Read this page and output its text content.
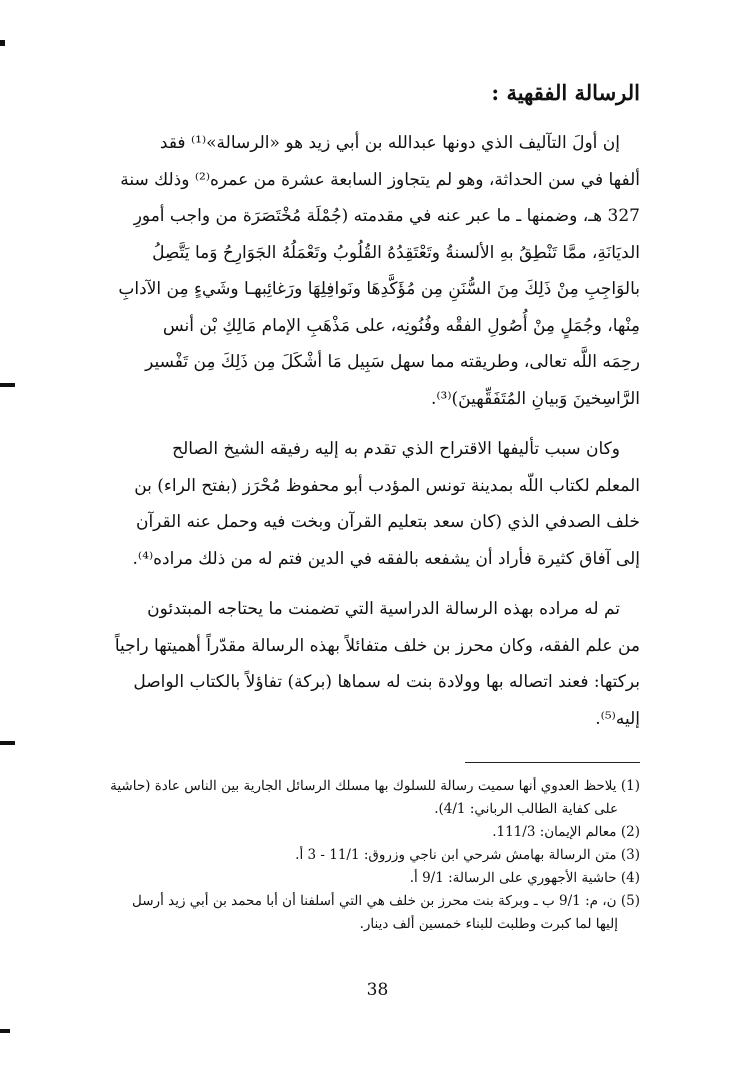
الرسالة الفقهية :

إن أولَ التآليف الذي دونها عبدالله بن أبي زيد هو «الرسالة»⁽¹⁾ فقد
ألفها في سن الحداثة، وهو لم يتجاوز السابعة عشرة من عمره⁽²⁾ وذلك سنة
327 هـ، وضمنها ـ ما عبر عنه في مقدمته (جُمْلَة مُخْتَصَرَة من واجب أمورِ
الديَانَةِ، ممَّا تَنْطِقُ بهِ الألسنةُ وتَعْتَقِدُهُ القُلُوبُ وتَعْمَلُهُ الجَوَارِحُ وَما يَتَّصِلُ
بالوَاجِبِ مِنْ ذَلِكَ مِنَ السُّنَنِ مِن مُؤَكَّدِهَا ونَوافِلِهَا ورَغائِبهـا وشَيءٍ مِن الآدابِ
مِنْها، وجُمَلٍ مِنْ أُصُولِ الفقْه وفُنُونِه، على مَذْهَبِ الإمام مَالِكِ بْن أنس
رحِمَه اللَّه تعالى، وطريقته مما سهل سَبِيل مَا أشْكَلَ مِن ذَلِكَ مِن تَفْسير
الرَّاسِخينَ وَبيانِ المُتَفَقِّهينَ)⁽³⁾.

وكان سبب تأليفها الاقتراح الذي تقدم به إليه رفيقه الشيخ الصالح
المعلم لكتاب اللّه بمدينة تونس المؤدب أبو محفوظ مُحْرَز (بفتح الراء) بن
خلف الصدفي الذي (كان سعد بتعليم القرآن وبخت فيه وحمل عنه القرآن
إلى آفاق كثيرة فأراد أن يشفعه بالفقه في الدين فتم له من ذلك مراده⁽⁴⁾.

تم له مراده بهذه الرسالة الدراسية التي تضمنت ما يحتاجه المبتدئون
من علم الفقه، وكان محرز بن خلف متفائلاً بهذه الرسالة مقدّراً أهميتها راجياً
بركتها: فعند اتصاله بها وولادة بنت له سماها (بركة) تفاؤلاً بالكتاب الواصل
إليه⁽⁵⁾.

(1) يلاحظ العدوي أنها سميت رسالة للسلوك بها مسلك الرسائل الجارية بين الناس عادة (حاشية
على كفاية الطالب الرباني: 4/1).

(2) معالم الإيمان: 111/3.

(3) متن الرسالة بهامش شرحي ابن ناجي وزروق: 11/1 - 3 أ.

(4) حاشية الأجهوري على الرسالة: 9/1 أ.

(5) ن، م: 9/1 ب ـ وبركة بنت محرز بن خلف هي التي أسلفنا أن أبا محمد بن أبي زيد أرسل
إليها لما كبرت وطلبت للبناء خمسين ألف دينار.

38
